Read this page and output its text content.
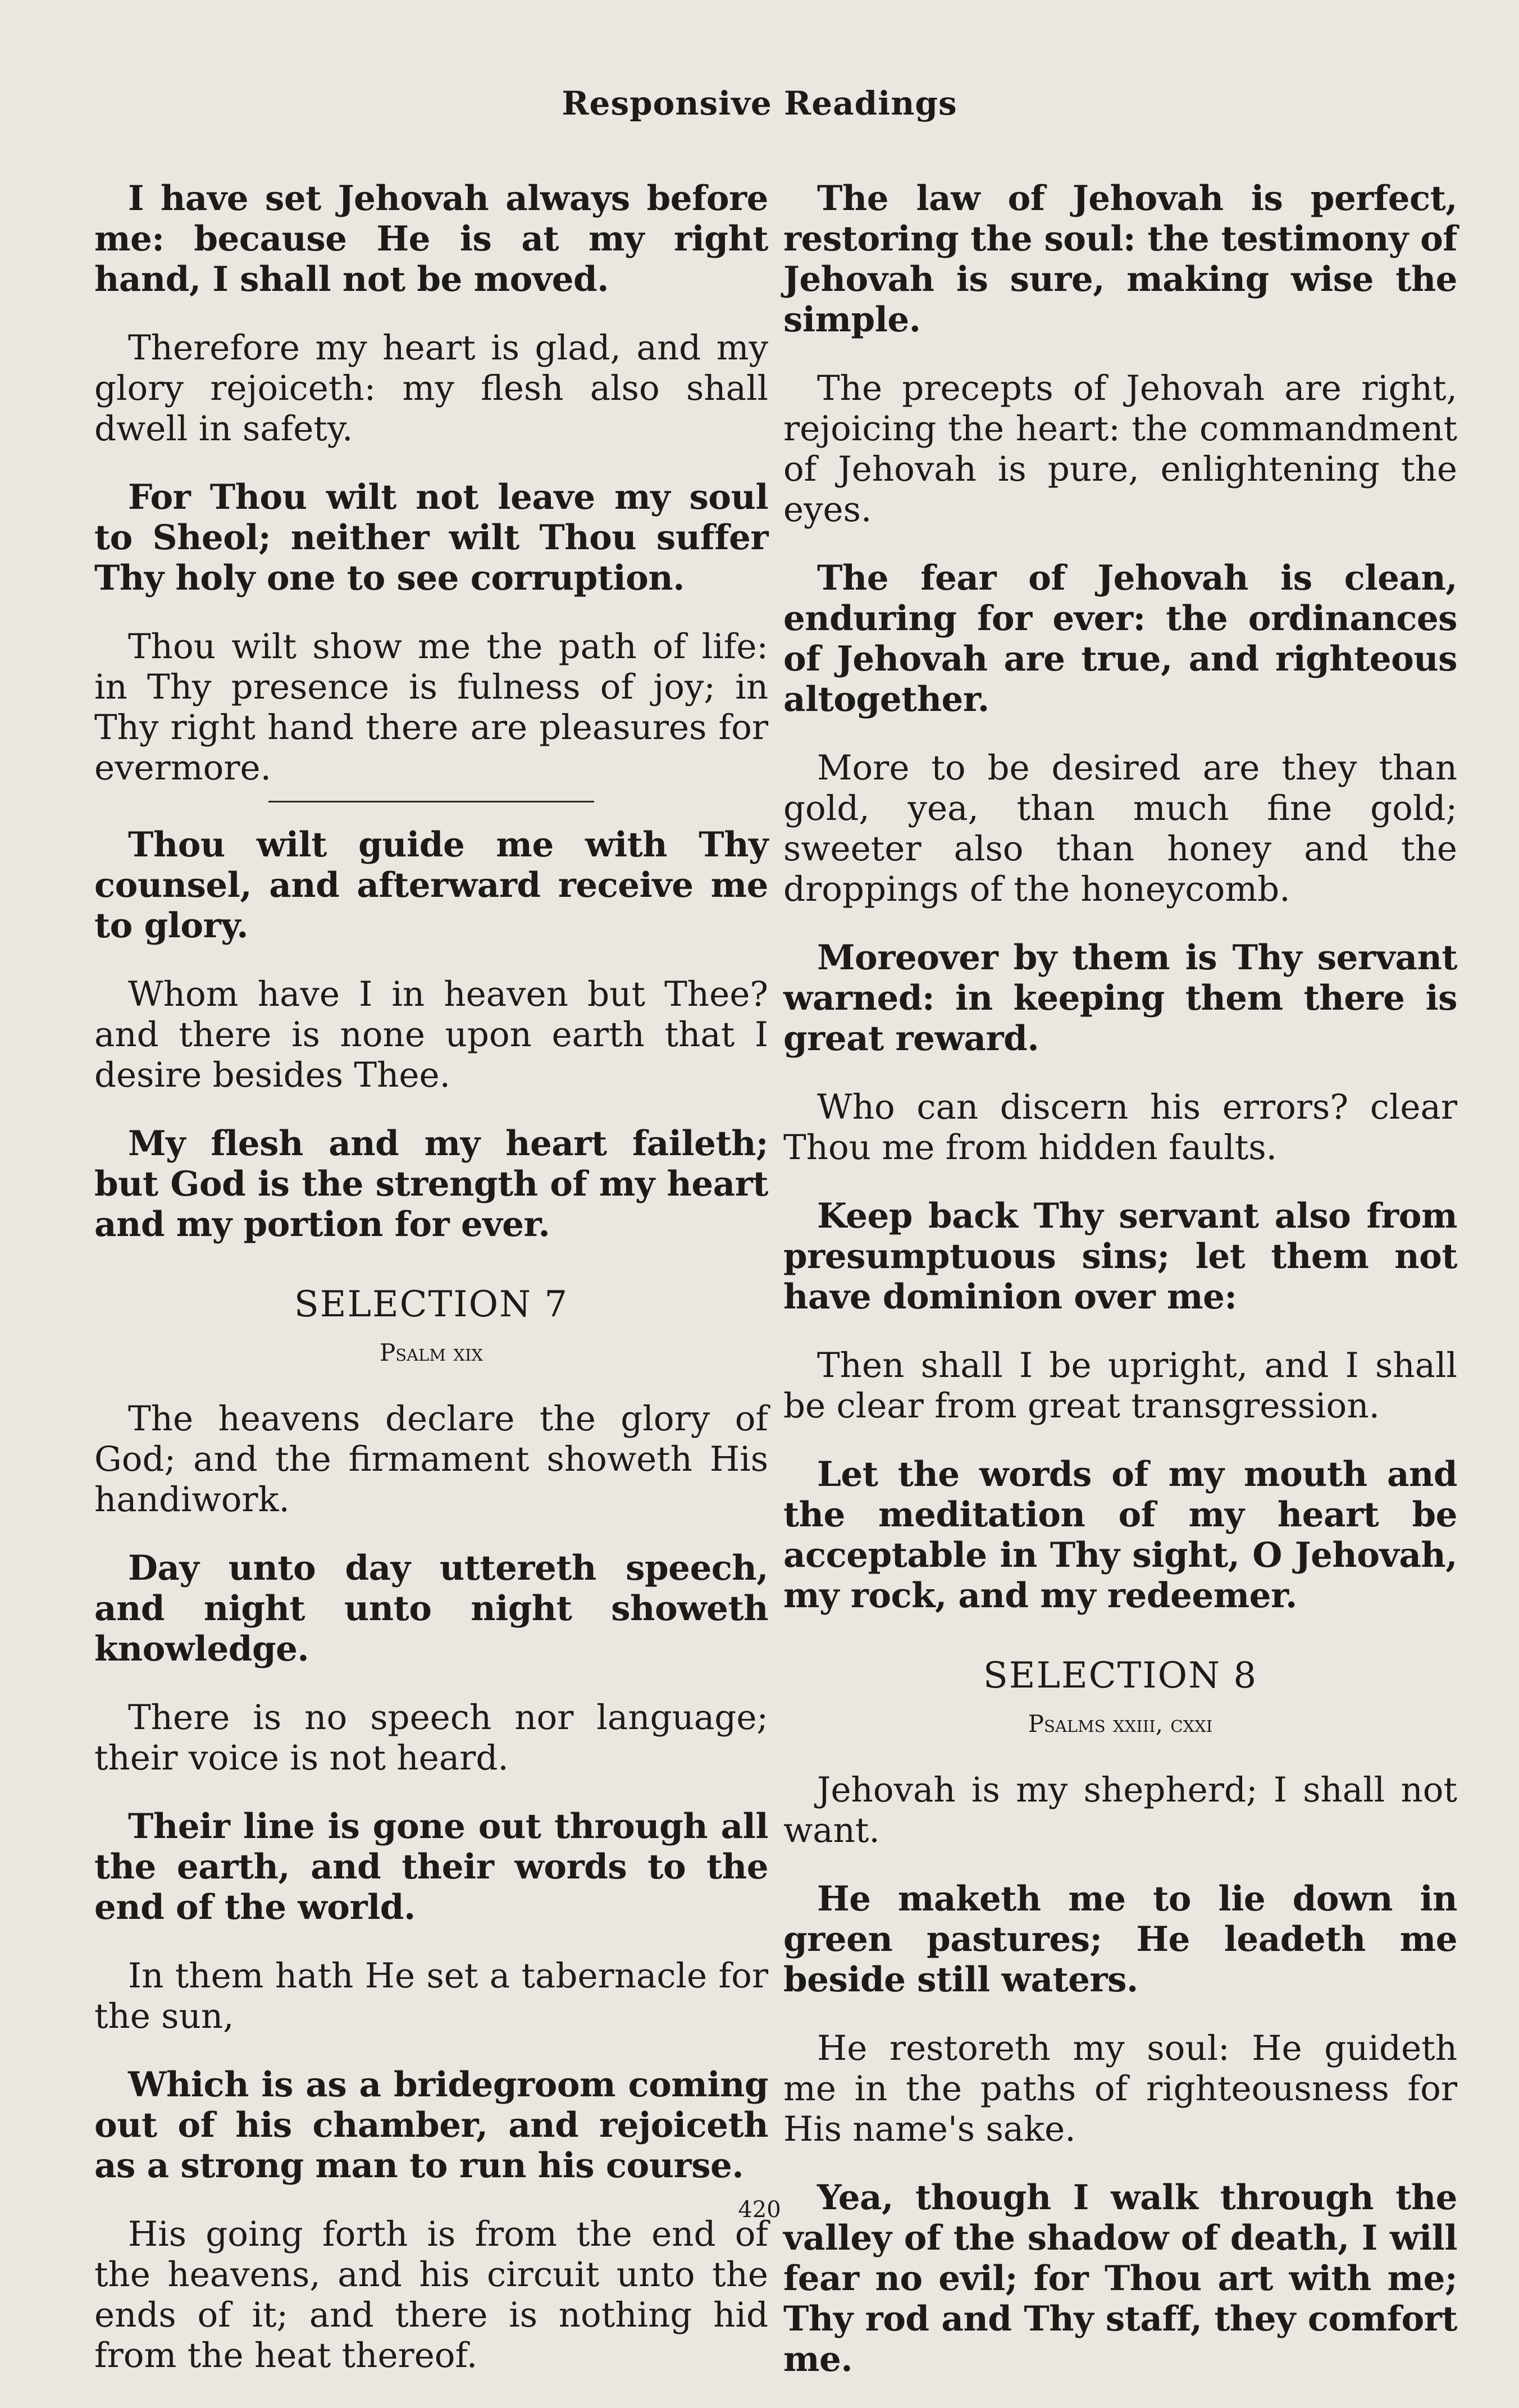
Responsive Readings

I have set Jehovah always before me: because He is at my right hand, I shall not be moved.

Therefore my heart is glad, and my glory rejoiceth: my flesh also shall dwell in safety.

For Thou wilt not leave my soul to Sheol; neither wilt Thou suffer Thy holy one to see corruption.

Thou wilt show me the path of life: in Thy presence is fulness of joy; in Thy right hand there are pleasures for evermore.

Thou wilt guide me with Thy counsel, and afterward receive me to glory.

Whom have I in heaven but Thee? and there is none upon earth that I desire besides Thee.

My flesh and my heart faileth; but God is the strength of my heart and my portion for ever.

SELECTION 7
Psalm xix

The heavens declare the glory of God; and the firmament showeth His handiwork.

Day unto day uttereth speech, and night unto night showeth knowledge.

There is no speech nor language; their voice is not heard.

Their line is gone out through all the earth, and their words to the end of the world.

In them hath He set a tabernacle for the sun,

Which is as a bridegroom coming out of his chamber, and rejoiceth as a strong man to run his course.

His going forth is from the end of the heavens, and his circuit unto the ends of it; and there is nothing hid from the heat thereof.

The law of Jehovah is perfect, restoring the soul: the testimony of Jehovah is sure, making wise the simple.

The precepts of Jehovah are right, rejoicing the heart: the commandment of Jehovah is pure, enlightening the eyes.

The fear of Jehovah is clean, enduring for ever: the ordinances of Jehovah are true, and righteous altogether.

More to be desired are they than gold, yea, than much fine gold; sweeter also than honey and the droppings of the honeycomb.

Moreover by them is Thy servant warned: in keeping them there is great reward.

Who can discern his errors? clear Thou me from hidden faults.

Keep back Thy servant also from presumptuous sins; let them not have dominion over me:

Then shall I be upright, and I shall be clear from great transgression.

Let the words of my mouth and the meditation of my heart be acceptable in Thy sight, O Jehovah, my rock, and my redeemer.

SELECTION 8
Psalms xxiii, cxxi

Jehovah is my shepherd; I shall not want.

He maketh me to lie down in green pastures; He leadeth me beside still waters.

He restoreth my soul: He guideth me in the paths of righteousness for His name's sake.

Yea, though I walk through the valley of the shadow of death, I will fear no evil; for Thou art with me; Thy rod and Thy staff, they comfort me.

420
